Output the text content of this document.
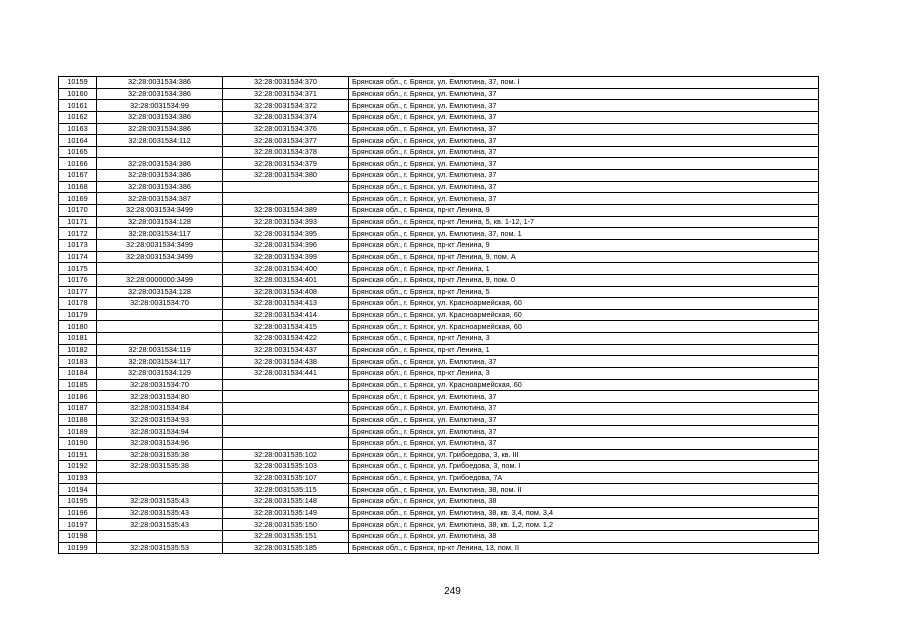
10159	32:28:0031534:386	32:28:0031534:370	Брянская обл., г. Брянск, ул. Емлютина, 37, пом. I
10160	32:28:0031534:386	32:28:0031534:371	Брянская обл., г. Брянск, ул. Емлютина, 37
10161	32:28:0031534:99	32:28:0031534:372	Брянская обл., г. Брянск, ул. Емлютина, 37
10162	32:28:0031534:386	32:28:0031534:374	Брянская обл., г. Брянск, ул. Емлютина, 37
10163	32:28:0031534:386	32:28:0031534:376	Брянская обл., г. Брянск, ул. Емлютина, 37
10164	32:28:0031534:112	32:28:0031534:377	Брянская обл., г. Брянск, ул. Емлютина, 37
10165		32:28:0031534:378	Брянская обл., г. Брянск, ул. Емлютина, 37
10166	32:28:0031534:386	32:28:0031534:379	Брянская обл., г. Брянск, ул. Емлютина, 37
10167	32:28:0031534:386	32:28:0031534:380	Брянская обл., г. Брянск, ул. Емлютина, 37
10168	32:28:0031534:386		Брянская обл., г. Брянск, ул. Емлютина, 37
10169	32:28:0031534:387		Брянская обл., г. Брянск, ул. Емлютина, 37
10170	32:28:0031534:3499	32:28:0031534:389	Брянская обл., г. Брянск, пр-кт Ленина, 9
10171	32:28:0031534:128	32:28:0031534:393	Брянская обл., г. Брянск, пр-кт Ленина, 5, кв. 1-12, 1-7
10172	32:28:0031534:117	32:28:0031534:395	Брянская обл., г. Брянск, ул. Емлютина, 37, пом. 1
10173	32:28:0031534:3499	32:28:0031534:396	Брянская обл., г. Брянск, пр-кт Ленина, 9
10174	32:28:0031534:3499	32:28:0031534:399	Брянская обл., г. Брянск, пр-кт Ленина, 9, пом. А
10175		32:28:0031534:400	Брянская обл., г. Брянск, пр-кт Ленина, 1
10176	32:28:0000000:3499	32:28:0031534:401	Брянская обл., г. Брянск, пр-кт Ленина, 9, пом. 0
10177	32:28:0031534:128	32:28:0031534:408	Брянская обл., г. Брянск, пр-кт Ленина, 5
10178	32:28:0031534:70	32:28:0031534:413	Брянская обл., г. Брянск, ул. Красноармейская, 60
10179		32:28:0031534:414	Брянская обл., г. Брянск, ул. Красноармейская, 60
10180		32:28:0031534:415	Брянская обл., г. Брянск, ул. Красноармейская, 60
10181		32:28:0031534:422	Брянская обл., г. Брянск, пр-кт Ленина, 3
10182	32:28:0031534:119	32:28:0031534:437	Брянская обл., г. Брянск, пр-кт Ленина, 1
10183	32:28:0031534:117	32:28:0031534:438	Брянская обл., г. Брянск, ул. Емлютина, 37
10184	32:28:0031534:129	32:28:0031534:441	Брянская обл., г. Брянск, пр-кт Ленина, 3
10185	32:28:0031534:70		Брянская обл., г. Брянск, ул. Красноармейская, 60
10186	32:28:0031534:80		Брянская обл., г. Брянск, ул. Емлютина, 37
10187	32:28:0031534:84		Брянская обл., г. Брянск, ул. Емлютина, 37
10188	32:28:0031534:93		Брянская обл., г. Брянск, ул. Емлютина, 37
10189	32:28:0031534:94		Брянская обл., г. Брянск, ул. Емлютина, 37
10190	32:28:0031534:96		Брянская обл., г. Брянск, ул. Емлютина, 37
10191	32:28:0031535:38	32:28:0031535:102	Брянская обл., г. Брянск, ул. Грибоедова, 3, кв. III
10192	32:28:0031535:38	32:28:0031535:103	Брянская обл., г. Брянск, ул. Грибоедова, 3, пом. I
10193		32:28:0031535:107	Брянская обл., г. Брянск, ул. Грибоедова, 7А
10194		32:28:0031535:115	Брянская обл., г. Брянск, ул. Емлютина, 38, пом. II
10195	32:28:0031535:43	32:28:0031535:148	Брянская обл., г. Брянск, ул. Емлютина, 38
10196	32:28:0031535:43	32:28:0031535:149	Брянская обл., г. Брянск, ул. Емлютина, 38, кв. 3,4, пом. 3,4
10197	32:28:0031535:43	32:28:0031535:150	Брянская обл., г. Брянск, ул. Емлютина, 38, кв. 1,2, пом. 1,2
10198		32:28:0031535:151	Брянская обл., г. Брянск, ул. Емлютина, 38
10199	32:28:0031535:53	32:28:0031535:185	Брянская обл., г. Брянск, пр-кт Ленина, 13, пом. II
249
